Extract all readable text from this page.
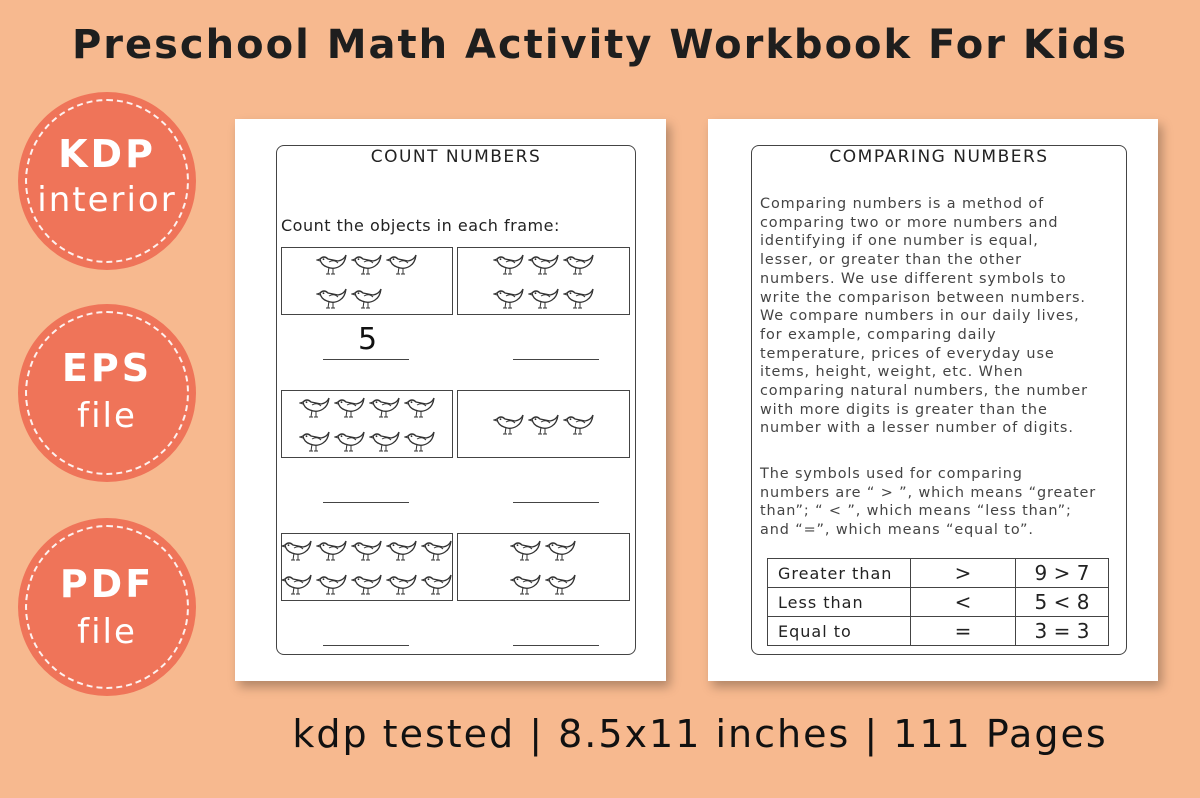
Preschool Math Activity Workbook For Kids
KDP
interior
EPS
file
PDF
file
COUNT NUMBERS
Count the objects in each frame:
5
COMPARING NUMBERS
Comparing numbers is a method of
comparing two or more numbers and
identifying if one number is equal,
lesser, or greater than the other
numbers. We use different symbols to
write the comparison between numbers.
We compare numbers in our daily lives,
for example, comparing daily
temperature, prices of everyday use
items, height, weight, etc. When
comparing natural numbers, the number
with more digits is greater than the
number with a lesser number of digits.
The symbols used for comparing
numbers are “ > ”, which means “greater
than”; “ < ”, which means “less than”;
and “=”, which means “equal to”.
Greater than	>	9 > 7
Less than	<	5 < 8
Equal to	=	3 = 3
kdp tested | 8.5x11 inches | 111 Pages
